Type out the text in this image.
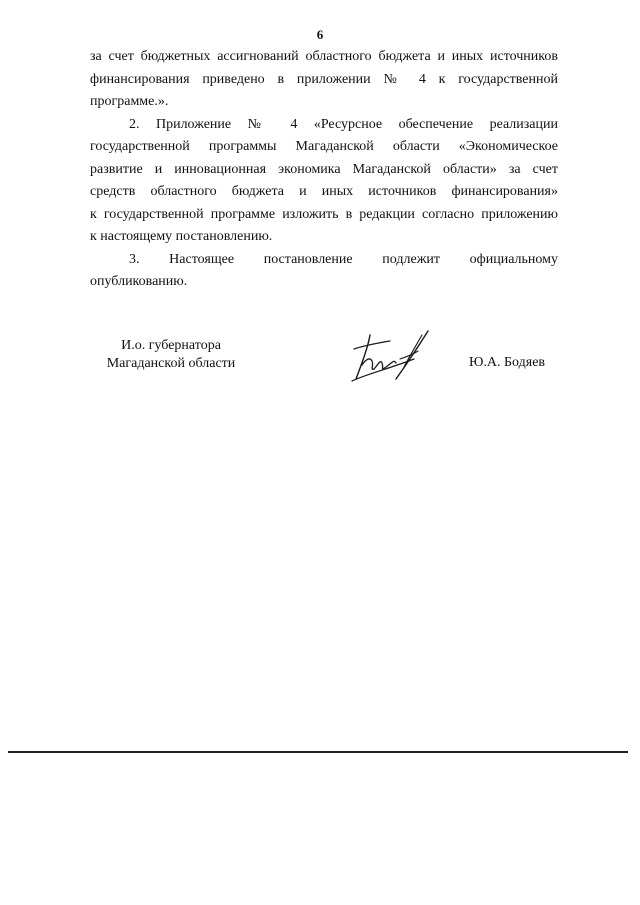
6

за счет бюджетных ассигнований областного бюджета и иных источников
финансирования приведено в приложении № 4 к государственной
программе.».

2. Приложение № 4 «Ресурсное обеспечение реализации
государственной программы Магаданской области «Экономическое
развитие и инновационная экономика Магаданской области» за счет
средств областного бюджета и иных источников финансирования»
к государственной программе изложить в редакции согласно приложению
к настоящему постановлению.

3. Настоящее постановление подлежит официальному
опубликованию.

И.о. губернатора
Магаданской области	Ю.А. Бодяев
